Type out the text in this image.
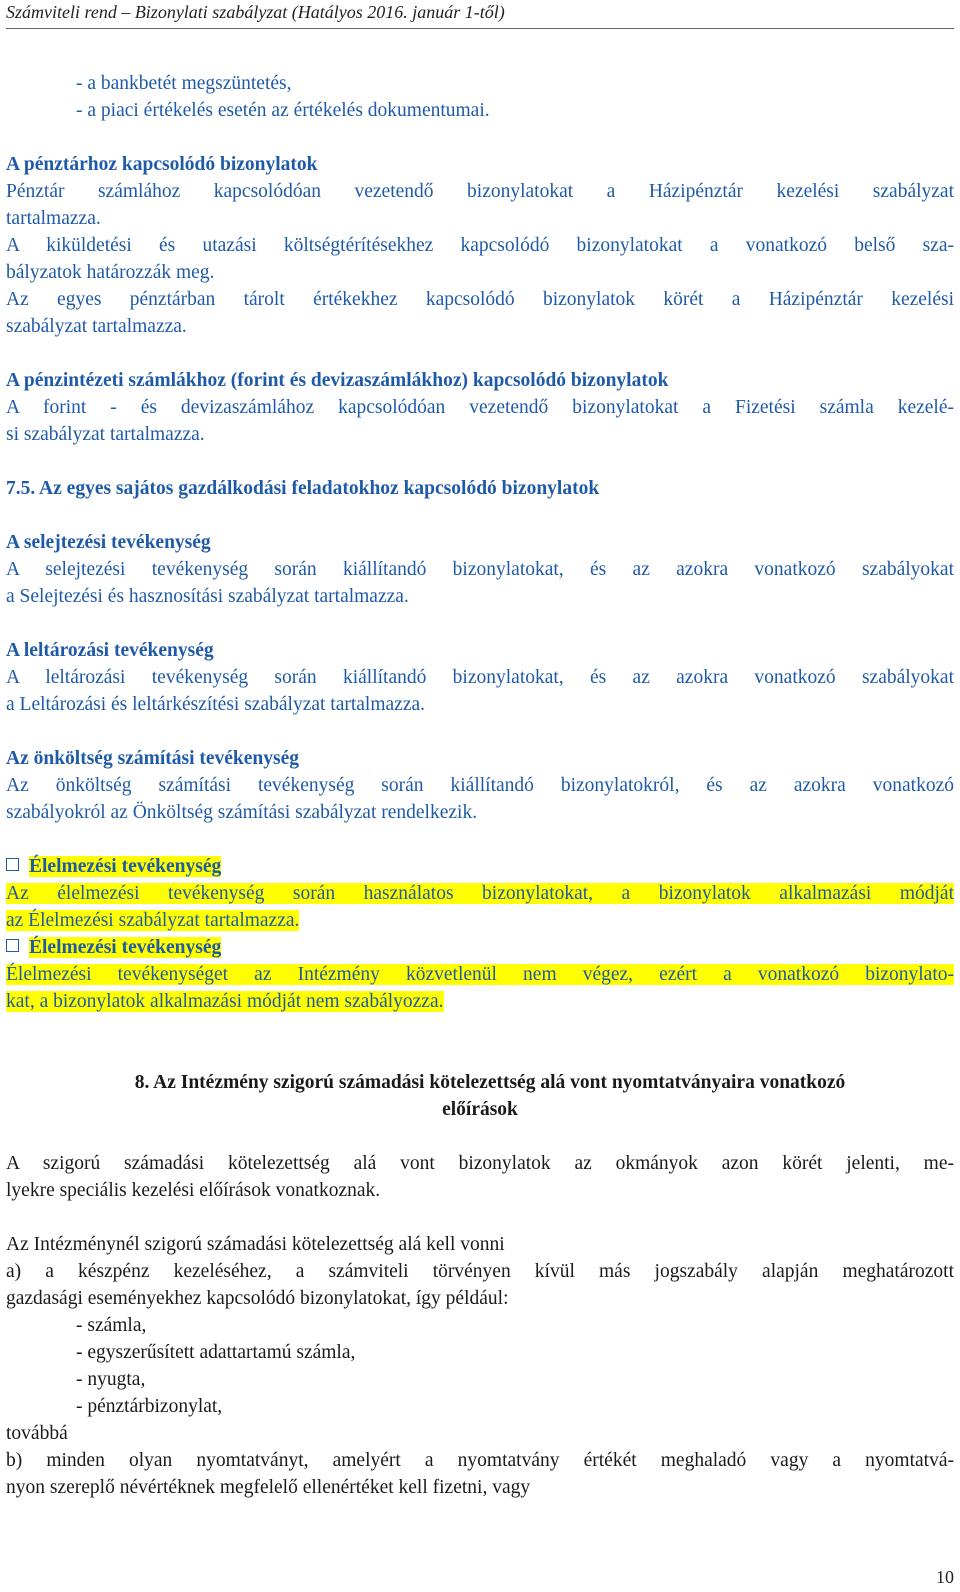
Számviteli rend – Bizonylati szabályzat (Hatályos 2016. január 1-től)
- a bankbetét megszüntetés,
- a piaci értékelés esetén az értékelés dokumentumai.
A pénztárhoz kapcsolódó bizonylatok
Pénztár számlához kapcsolódóan vezetendő bizonylatokat a Házipénztár kezelési szabályzat
tartalmazza.
A kiküldetési és utazási költségtérítésekhez kapcsolódó bizonylatokat a vonatkozó belső sza-
bályzatok határozzák meg.
Az egyes pénztárban tárolt értékekhez kapcsolódó bizonylatok körét a Házipénztár kezelési
szabályzat tartalmazza.
A pénzintézeti számlákhoz (forint és devizaszámlákhoz) kapcsolódó bizonylatok
A forint - és devizaszámlához kapcsolódóan vezetendő bizonylatokat a Fizetési számla kezelé-
si szabályzat tartalmazza.
7.5. Az egyes sajátos gazdálkodási feladatokhoz kapcsolódó bizonylatok
A selejtezési tevékenység
A selejtezési tevékenység során kiállítandó bizonylatokat, és az azokra vonatkozó szabályokat
a Selejtezési és hasznosítási szabályzat tartalmazza.
A leltározási tevékenység
A leltározási tevékenység során kiállítandó bizonylatokat, és az azokra vonatkozó szabályokat
a Leltározási és leltárkészítési szabályzat tartalmazza.
Az önköltség számítási tevékenység
Az önköltség számítási tevékenység során kiállítandó bizonylatokról, és az azokra vonatkozó
szabályokról az Önköltség számítási szabályzat rendelkezik.
Élelmezési tevékenység
Az élelmezési tevékenység során használatos bizonylatokat, a bizonylatok alkalmazási módját
az Élelmezési szabályzat tartalmazza.
Élelmezési tevékenység
Élelmezési tevékenységet az Intézmény közvetlenül nem végez, ezért a vonatkozó bizonylato-
kat, a bizonylatok alkalmazási módját nem szabályozza.
8. Az Intézmény szigorú számadási kötelezettség alá vont nyomtatványaira vonatkozó
előírások
A szigorú számadási kötelezettség alá vont bizonylatok az okmányok azon körét jelenti, me-
lyekre speciális kezelési előírások vonatkoznak.
Az Intézménynél szigorú számadási kötelezettség alá kell vonni
a) a készpénz kezeléséhez, a számviteli törvényen kívül más jogszabály alapján meghatározott
gazdasági eseményekhez kapcsolódó bizonylatokat, így például:
- számla,
- egyszerűsített adattartamú számla,
- nyugta,
- pénztárbizonylat,
továbbá
b) minden olyan nyomtatványt, amelyért a nyomtatvány értékét meghaladó vagy a nyomtatvá-
nyon szereplő névértéknek megfelelő ellenértéket kell fizetni, vagy
10
